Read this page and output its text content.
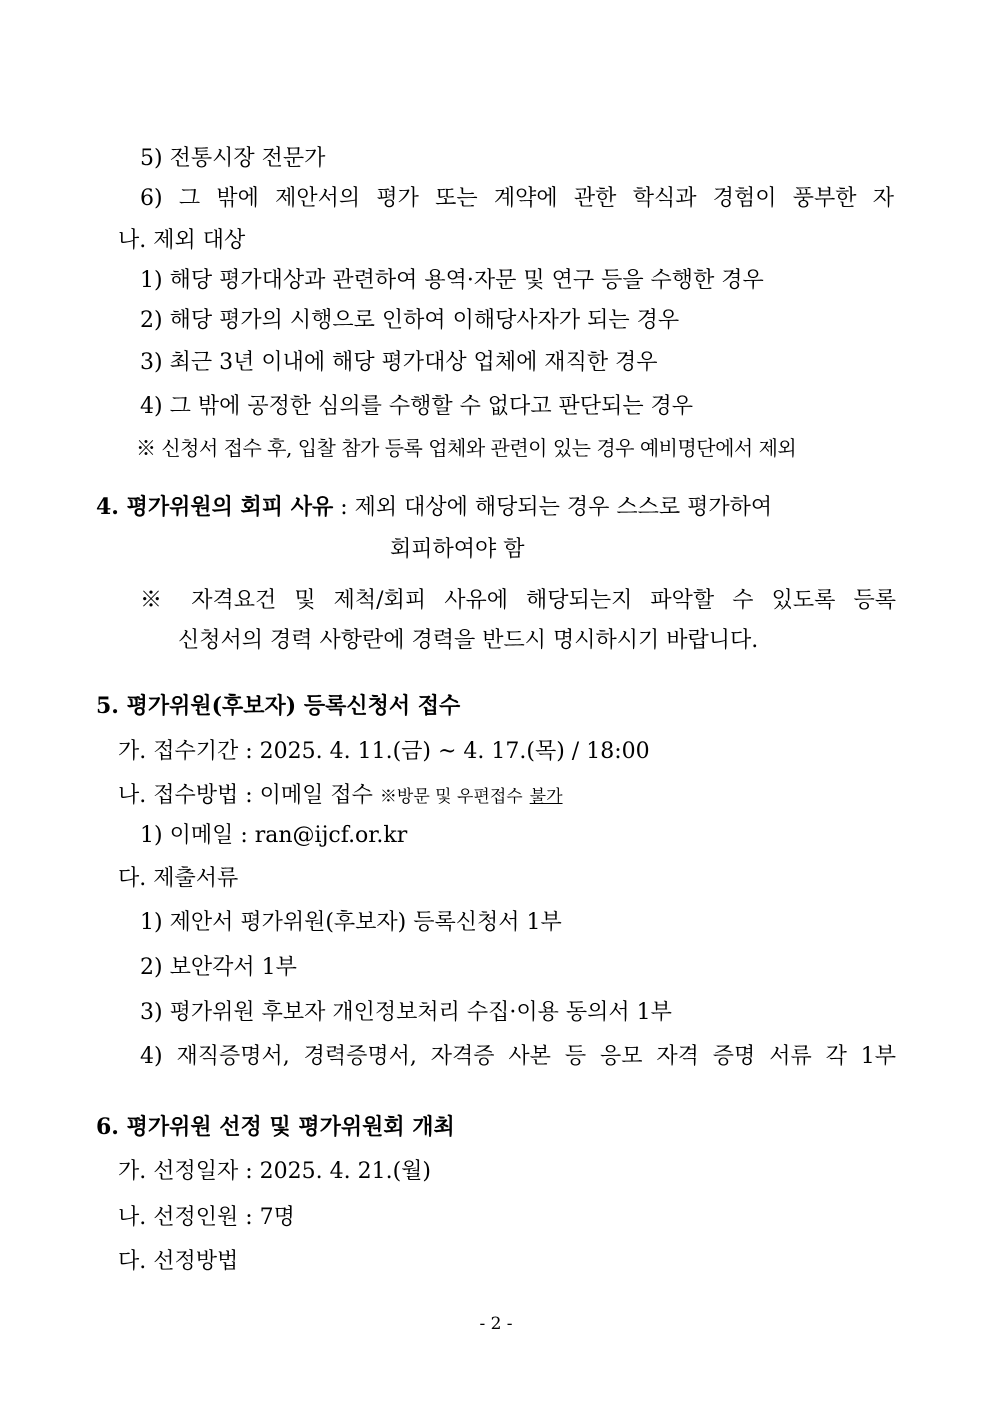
5) 전통시장 전문가
6) 그 밖에 제안서의 평가 또는 계약에 관한 학식과 경험이 풍부한 자
나. 제외 대상
1) 해당 평가대상과 관련하여 용역·자문 및 연구 등을 수행한 경우
2) 해당 평가의 시행으로 인하여 이해당사자가 되는 경우
3) 최근 3년 이내에 해당 평가대상 업체에 재직한 경우
4) 그 밖에 공정한 심의를 수행할 수 없다고 판단되는 경우
※ 신청서 접수 후, 입찰 참가 등록 업체와 관련이 있는 경우 예비명단에서 제외
4. 평가위원의 회피 사유 : 제외 대상에 해당되는 경우 스스로 평가하여
회피하여야 함
※ 자격요건 및 제척/회피 사유에 해당되는지 파악할 수 있도록 등록
신청서의 경력 사항란에 경력을 반드시 명시하시기 바랍니다.
5. 평가위원(후보자) 등록신청서 접수
가. 접수기간 : 2025. 4. 11.(금) ~ 4. 17.(목) / 18:00
나. 접수방법 : 이메일 접수 ※방문 및 우편접수 불가
1) 이메일 : ran@ijcf.or.kr
다. 제출서류
1) 제안서 평가위원(후보자) 등록신청서 1부
2) 보안각서 1부
3) 평가위원 후보자 개인정보처리 수집·이용 동의서 1부
4) 재직증명서, 경력증명서, 자격증 사본 등 응모 자격 증명 서류 각 1부
6. 평가위원 선정 및 평가위원회 개최
가. 선정일자 : 2025. 4. 21.(월)
나. 선정인원 : 7명
다. 선정방법
- 2 -
